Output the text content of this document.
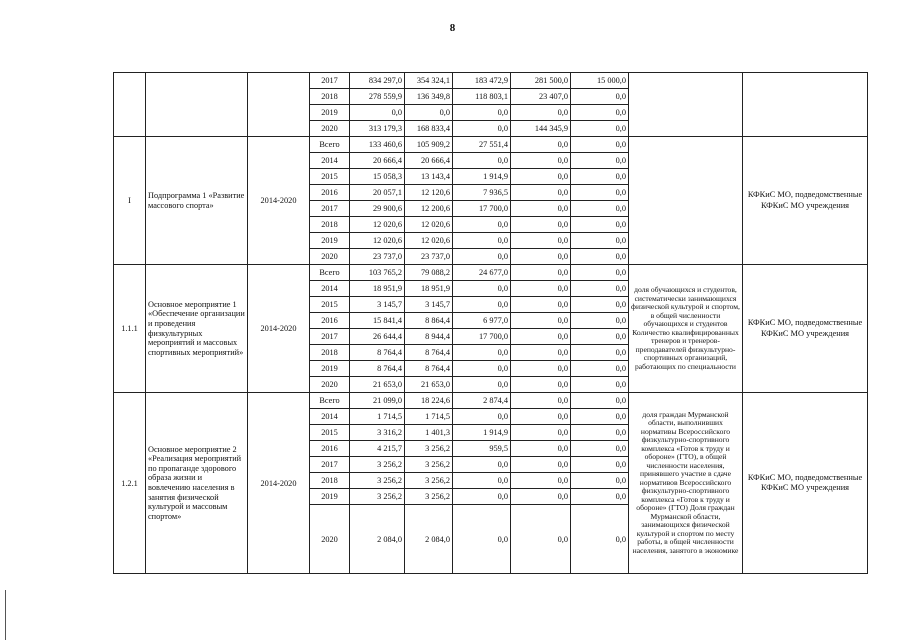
8
			2017	834 297,0	354 324,1	183 472,9	281 500,0	15 000,0		
			2018	278 559,9	136 349,8	118 803,1	23 407,0	0,0		
			2019	0,0	0,0	0,0	0,0	0,0		
			2020	313 179,3	168 833,4	0,0	144 345,9	0,0		
I	Подпрограмма 1 «Развитие массового спорта»	2014-2020	Всего	133 460,6	105 909,2	27 551,4	0,0	0,0		КФКиС МО, подведомственные КФКиС МО учреждения
			2014	20 666,4	20 666,4	0,0	0,0	0,0		
			2015	15 058,3	13 143,4	1 914,9	0,0	0,0		
			2016	20 057,1	12 120,6	7 936,5	0,0	0,0		
			2017	29 900,6	12 200,6	17 700,0	0,0	0,0		
			2018	12 020,6	12 020,6	0,0	0,0	0,0		
			2019	12 020,6	12 020,6	0,0	0,0	0,0		
			2020	23 737,0	23 737,0	0,0	0,0	0,0		
1.1.1	Основное мероприятие 1 «Обеспечение организации и проведения физкультурных мероприятий и массовых спортивных мероприятий»	2014-2020	Всего	103 765,2	79 088,2	24 677,0	0,0	0,0	доля обучающихся и студентов, систематически занимающихся физической культурой и спортом, в общей численности обучающихся и студентов Количество квалифицированных тренеров и тренеров-преподавателей физкультурно-спортивных организаций, работающих по специальности	КФКиС МО, подведомственные КФКиС МО учреждения
			2014	18 951,9	18 951,9	0,0	0,0	0,0		
			2015	3 145,7	3 145,7	0,0	0,0	0,0		
			2016	15 841,4	8 864,4	6 977,0	0,0	0,0		
			2017	26 644,4	8 944,4	17 700,0	0,0	0,0		
			2018	8 764,4	8 764,4	0,0	0,0	0,0		
			2019	8 764,4	8 764,4	0,0	0,0	0,0		
			2020	21 653,0	21 653,0	0,0	0,0	0,0		
1.2.1	Основное мероприятие 2 «Реализация мероприятий по пропаганде здорового образа жизни и вовлечению населения в занятия физической культурой и массовым спортом»	2014-2020	Всего	21 099,0	18 224,6	2 874,4	0,0	0,0	доля граждан Мурманской области, выполнивших нормативы Всероссийского физкультурно-спортивного комплекса «Готов к труду и обороне» (ГТО), в общей численности населения, принявшего участие в сдаче нормативов Всероссийского физкультурно-спортивного комплекса «Готов к труду и обороне» (ГТО) Доля граждан Мурманской области, занимающихся физической культурой и спортом по месту работы, в общей численности населения, занятого в экономике	КФКиС МО, подведомственные КФКиС МО учреждения
			2014	1 714,5	1 714,5	0,0	0,0	0,0		
			2015	3 316,2	1 401,3	1 914,9	0,0	0,0		
			2016	4 215,7	3 256,2	959,5	0,0	0,0		
			2017	3 256,2	3 256,2	0,0	0,0	0,0		
			2018	3 256,2	3 256,2	0,0	0,0	0,0		
			2019	3 256,2	3 256,2	0,0	0,0	0,0		
			2020	2 084,0	2 084,0	0,0	0,0	0,0		
